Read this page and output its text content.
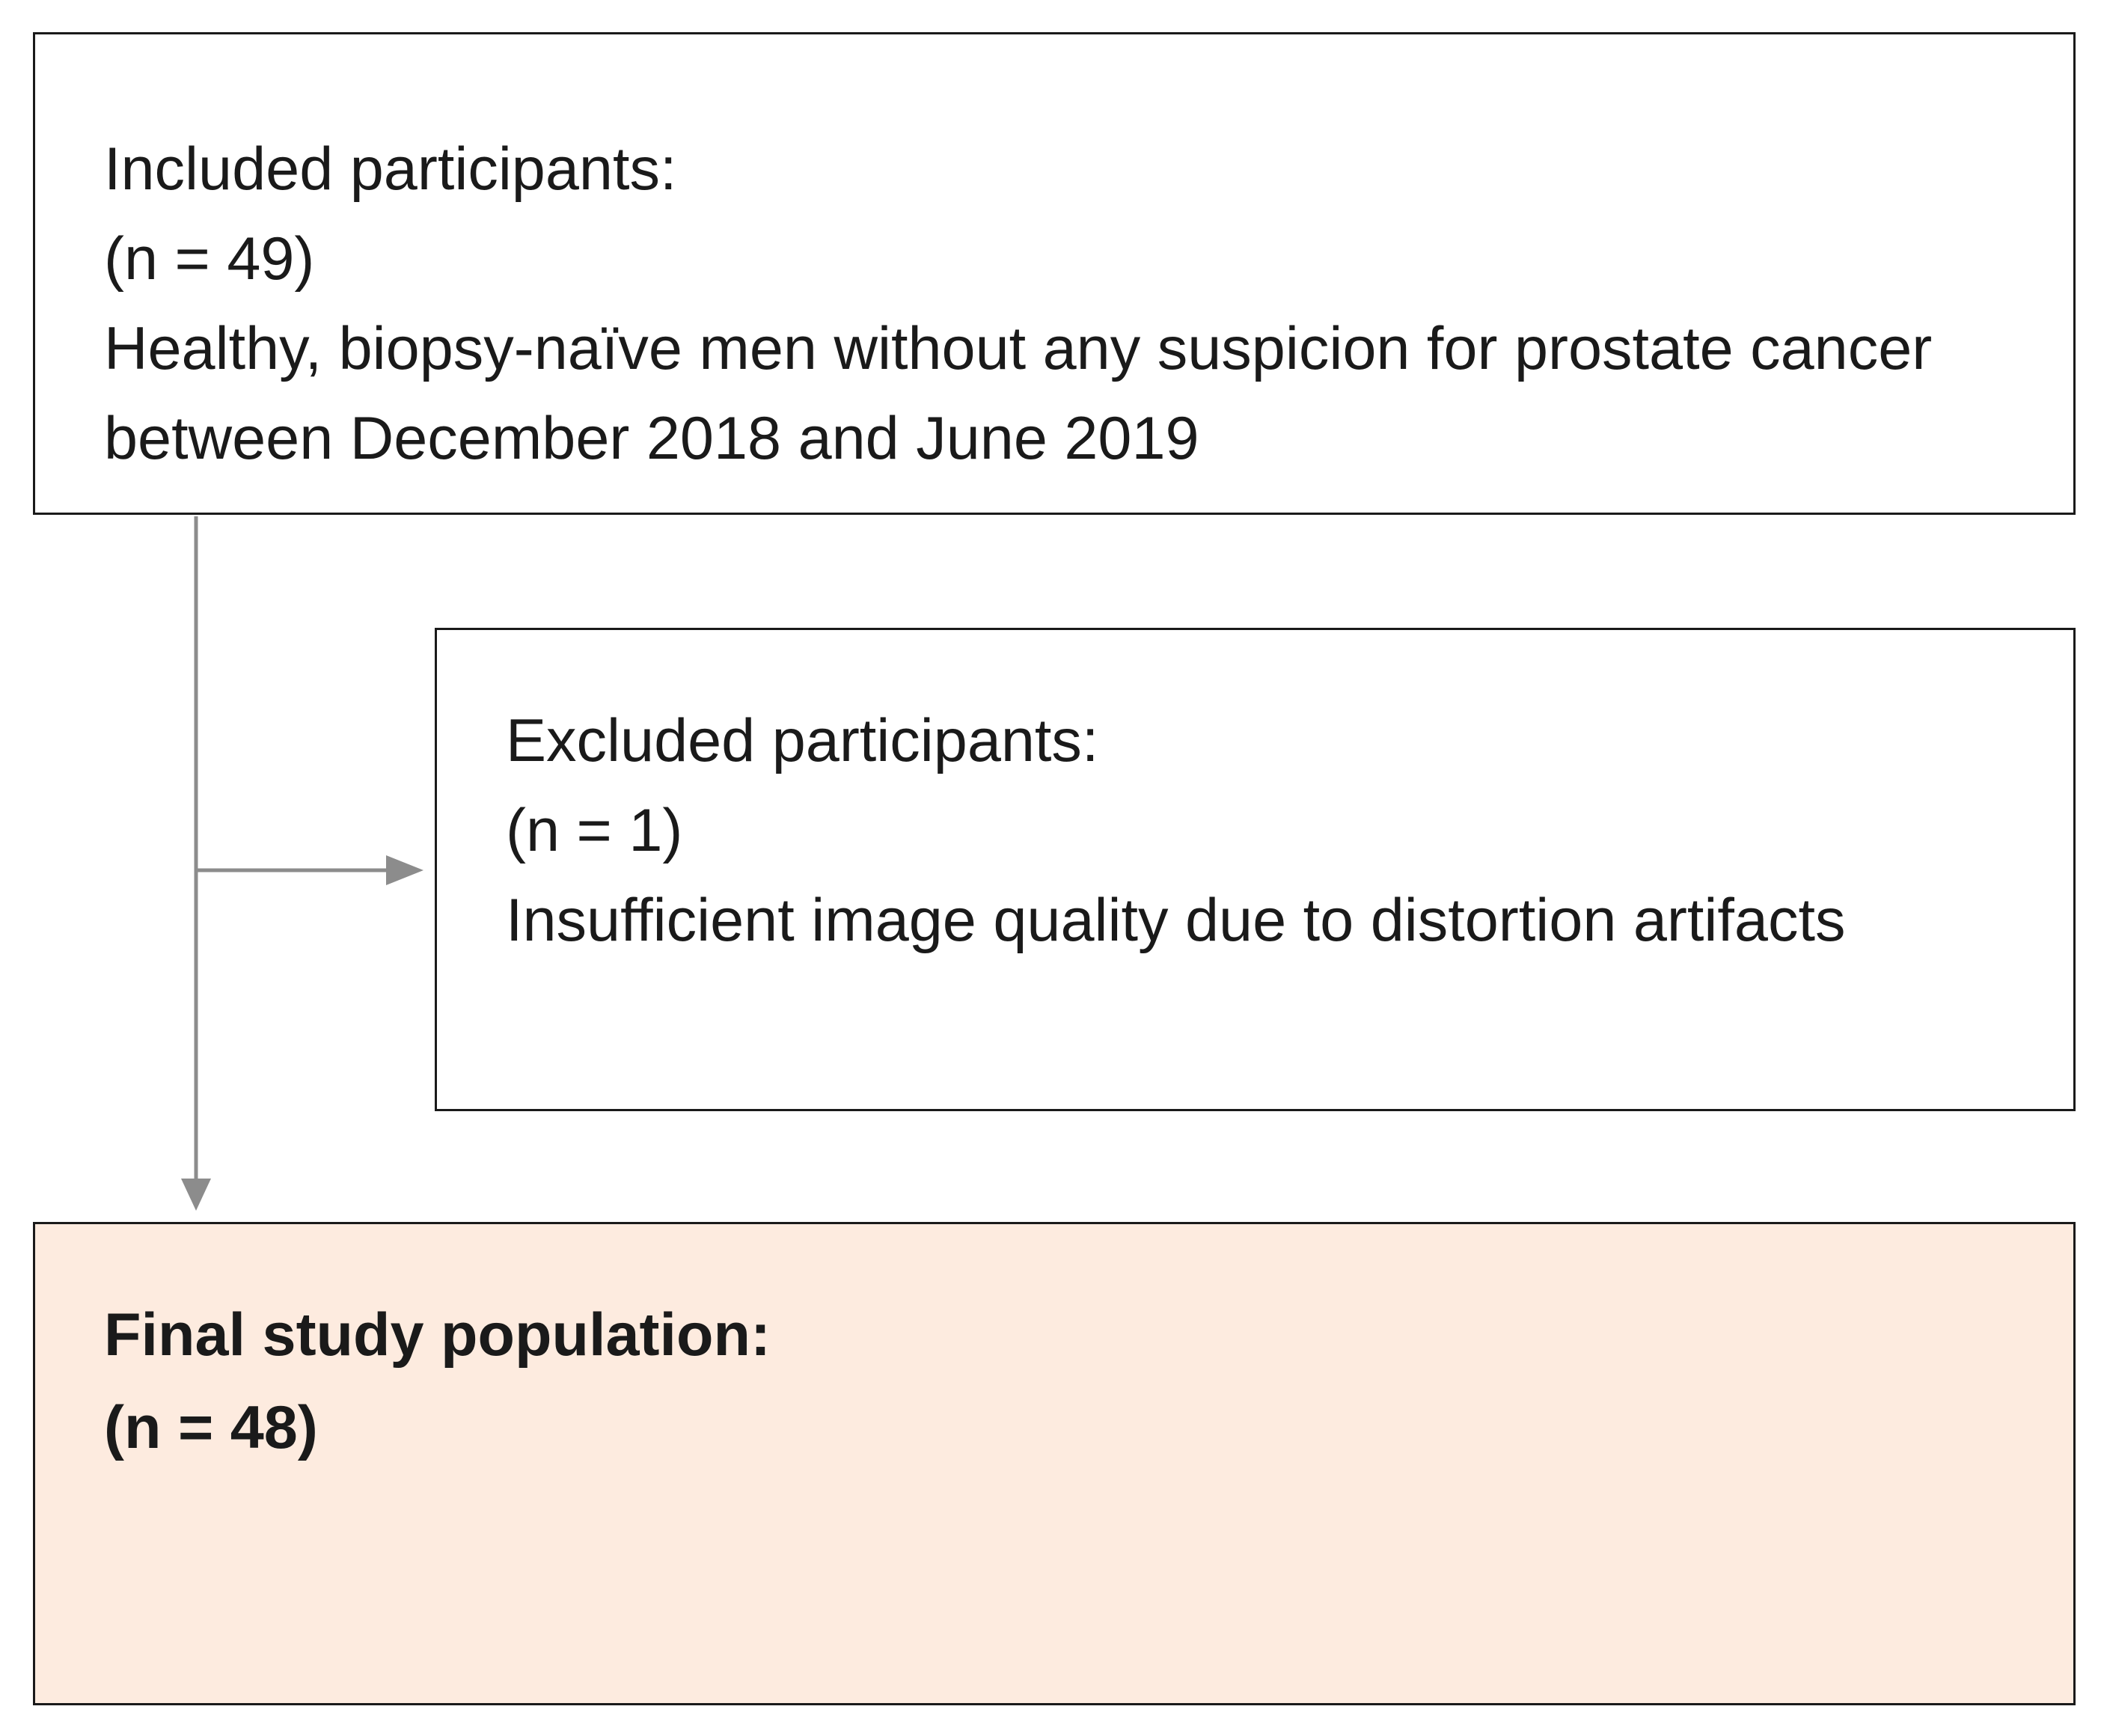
Included participants:

(n = 49)

Healthy, biopsy-naïve men without any suspicion for prostate cancer

between December 2018 and June 2019

Excluded participants:

(n = 1)

Insufficient image quality due to distortion artifacts

Final study population:

(n = 48)
